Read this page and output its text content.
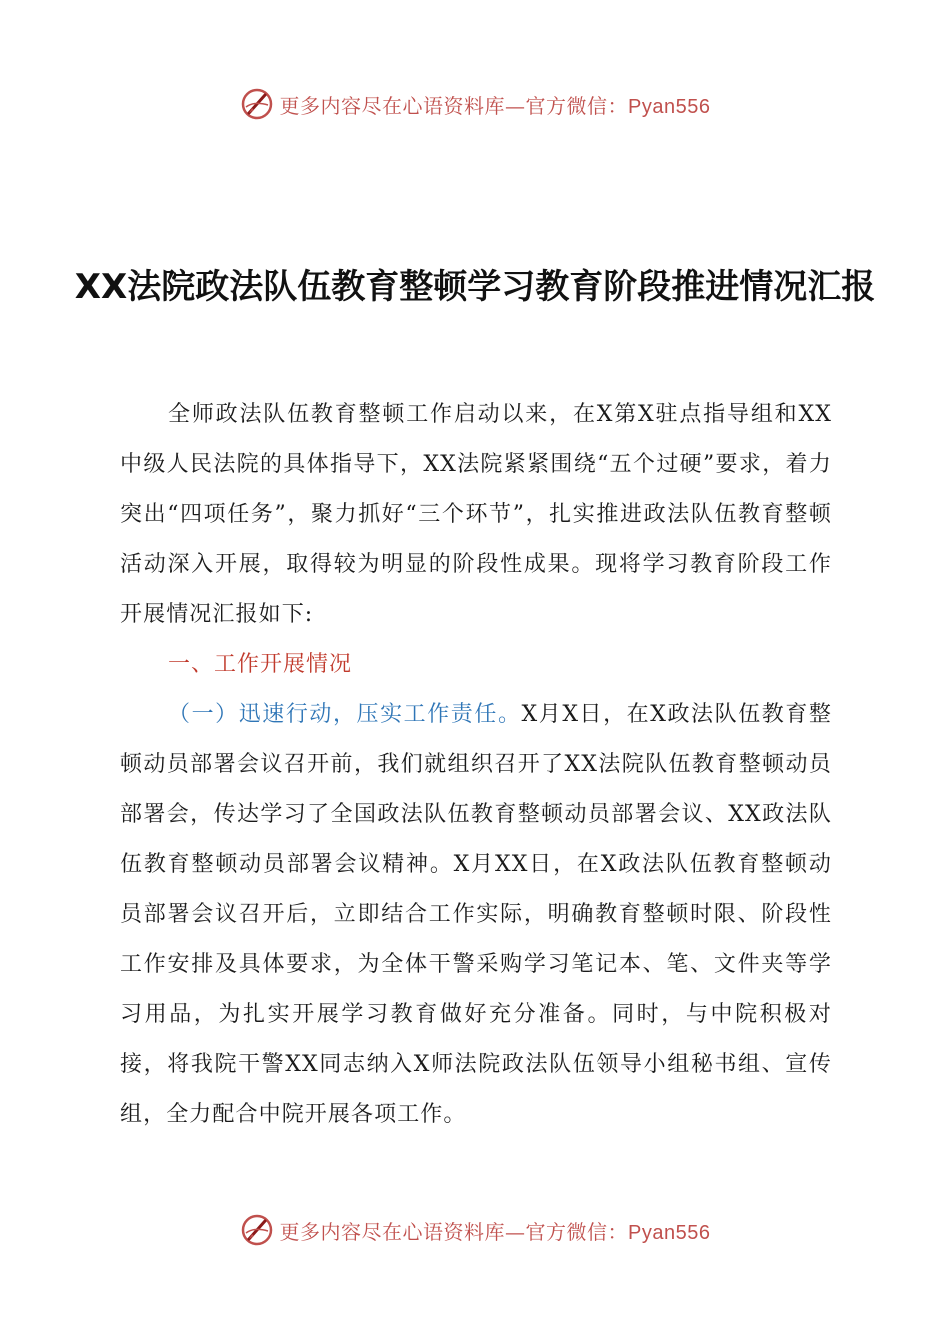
更多内容尽在心语资料库—官方微信：Pyan556
XX法院政法队伍教育整顿学习教育阶段推进情况汇报

全师政法队伍教育整顿工作启动以来，在X第X驻点指导组和XX中级人民法院的具体指导下，XX法院紧紧围绕“五个过硬”要求，着力突出“四项任务”，聚力抓好“三个环节”，扎实推进政法队伍教育整顿活动深入开展，取得较为明显的阶段性成果。现将学习教育阶段工作开展情况汇报如下:

一、工作开展情况

（一）迅速行动，压实工作责任。X月X日，在X政法队伍教育整顿动员部署会议召开前，我们就组织召开了XX法院队伍教育整顿动员部署会，传达学习了全国政法队伍教育整顿动员部署会议、XX政法队伍教育整顿动员部署会议精神。X月XX日，在X政法队伍教育整顿动员部署会议召开后，立即结合工作实际，明确教育整顿时限、阶段性工作安排及具体要求，为全体干警采购学习笔记本、笔、文件夹等学习用品，为扎实开展学习教育做好充分准备。同时，与中院积极对接，将我院干警XX同志纳入X师法院政法队伍领导小组秘书组、宣传组，全力配合中院开展各项工作。

更多内容尽在心语资料库—官方微信：Pyan556
